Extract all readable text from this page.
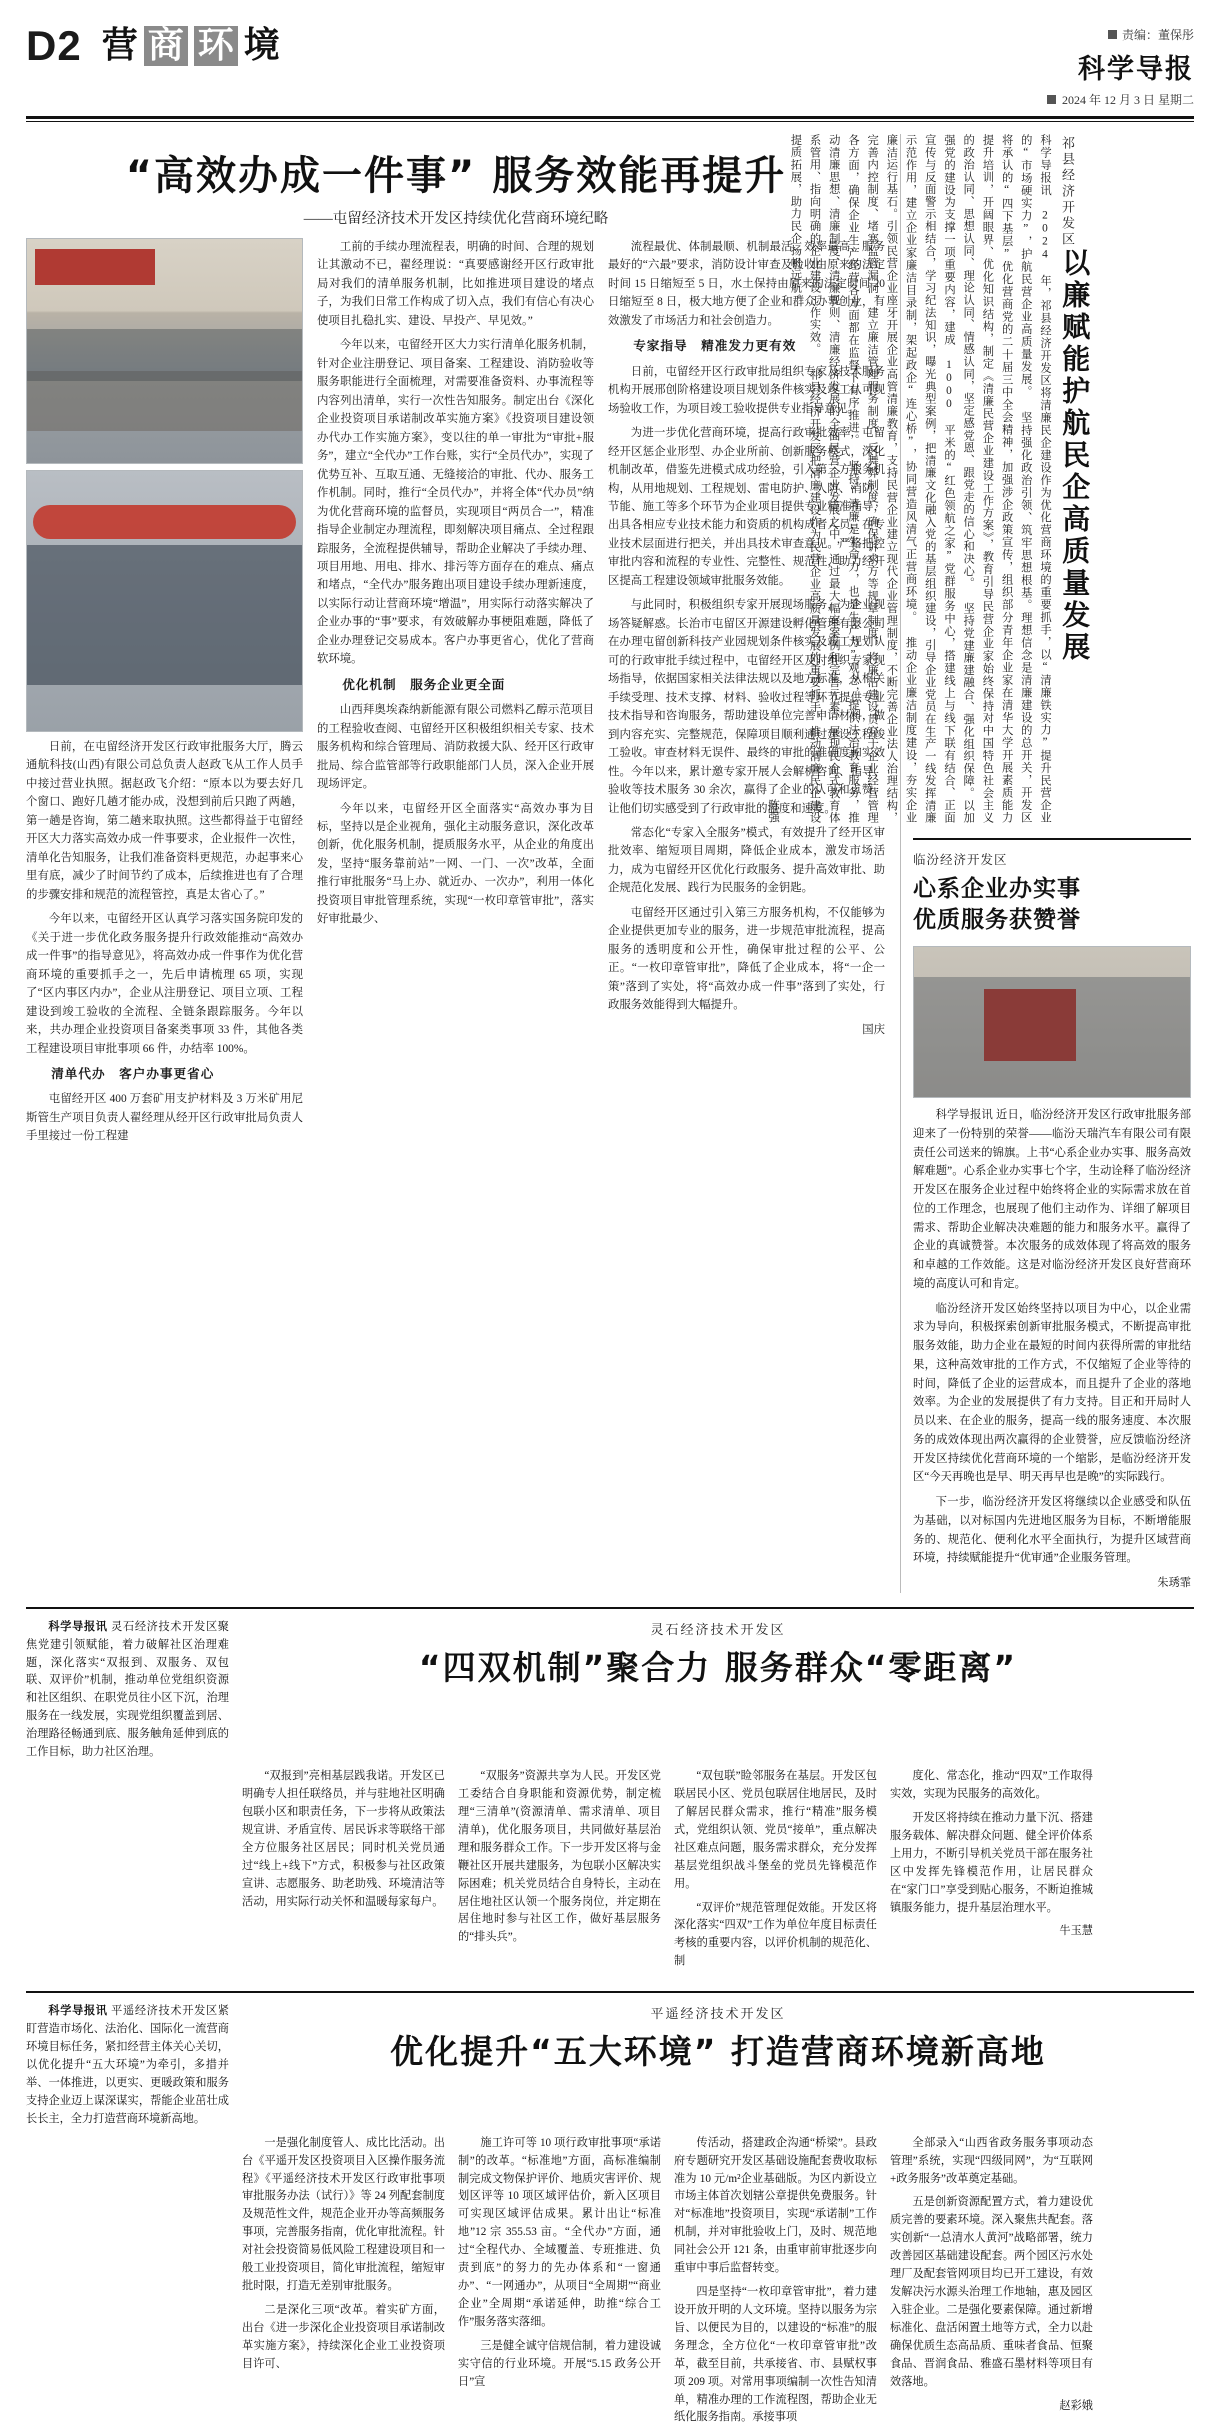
D2 营 商 环 境	责编：董保彤
科学导报
2024 年 12 月 3 日 星期二
“高效办成一件事” 服务效能再提升
——屯留经济技术开发区持续优化营商环境纪略

日前，在屯留经济开发区行政审批服务大厅，腾云通航科技(山西)有限公司总负责人赵政飞从工作人员手中接过营业执照。据赵政飞介绍：“原本以为要去好几个窗口、跑好几趟才能办成，没想到前后只跑了两趟，第一趟是咨询，第二趟来取执照。这些都得益于屯留经开区大力落实高效办成一件事要求，企业报件一次性，清单化告知服务，让我们准备资料更规范，办起事来心里有底，减少了时间节约了成本，后续推进也有了合理的步骤安排和规范的流程管控，真是太省心了。”

今年以来，屯留经开区认真学习落实国务院印发的《关于进一步优化政务服务提升行政效能推动“高效办成一件事”的指导意见》，将高效办成一件事作为优化营商环境的重要抓手之一，先后申请梳理 65 项，实现了“区内事区内办”，企业从注册登记、项目立项、工程建设到竣工验收的全流程、全链条跟踪服务。今年以来，共办理企业投资项目备案类事项 33 件，其他各类工程建设项目审批事项 66 件，办结率 100%。

清单代办　客户办事更省心

屯留经开区 400 万套矿用支护材料及 3 万米矿用尼斯管生产项目负责人翟经理从经开区行政审批局负责人手里接过一份工程建

工前的手续办理流程表，明确的时间、合理的规划让其激动不已，翟经理说：“真要感谢经开区行政审批局对我们的清单服务机制，比如推进项目建设的堵点子，为我们日常工作构成了切入点，我们有信心有决心使项目扎稳扎实、建设、早投产、早见效。”

今年以来，屯留经开区大力实行清单化服务机制，针对企业注册登记、项目备案、工程建设、消防验收等服务职能进行全面梳理，对需要准备资料、办事流程等内容列出清单，实行一次性告知服务。制定出台《深化企业投资项目承诺制改革实施方案》《投资项目建设领办代办工作实施方案》，变以往的单一审批为“审批+服务”，建立“全代办”工作台账，实行“全员代办”，实现了优势互补、互取互通、无缝接洽的审批、代办、服务工作机制。同时，推行“全员代办”，并将全体“代办员”ּ纳为优化营商环境的监督员，实现项目“两员合一”，精准指导企业制定办理流程，即刻解决项目痛点、全过程跟踪服务，全流程提供辅导，帮助企业解决了手续办理、项目用地、用电、排水、排污等方面存在的难点、痛点和堵点，“全代办”服务跑出项目建设手续办理新速度，以实际行动让营商环境“增温”，用实际行动落实解决了企业办事的“事”要求，有效破解办事梗阻难题，降低了企业办理登记交易成本。客户办事更省心，优化了营商软环境。

优化机制　服务企业更全面

山西拜奥埃森纳新能源有限公司燃料乙醇示范项目的工程验收查阅、屯留经开区积极组织相关专家、技术服务机构和综合管理局、消防救援大队、经开区行政审批局、综合监管部等行政职能部门人员，深入企业开展现场评定。

今年以来，屯留经开区全面落实“高效办事为目标，坚持以是企业视角，强化主动服务意识，深化改革创新，优化服务机制，提质服务水平，从企业的角度出发，坚持“服务靠前站”一网、一门、一次”改革，全面推行审批服务“马上办、就近办、一次办”，利用一体化投资项目审批管理系统，实现“一枚印章管审批”，落实好审批最少、

流程最优、体制最顺、机制最活、效率最高、服务最好的“六最”要求，消防设计审查及验收由原来的法定时间 15 日缩短至 5 日，水土保持由原来的法定时间 20 日缩短至 8 日，极大地方便了企业和群众办事创业，有效激发了市场活力和社会创造力。

专家指导　精准发力更有效

日前，屯留经开区行政审批局组织专家及技术服务机构开展邢创阶格建设项目规划条件核实及竣工认可现场验收工作，为项目竣工验收提供专业指导意见。

为进一步优化营商环境，提高行政审批效率，屯留经开区惩企业形型、办企业所前、创新服务模式，深化机制改革，借鉴先进模式成功经验，引入第三方服务机构，从用地规划、工程规划、雷电防护、人防、消防、节能、施工等多个环节为企业项目提供专业精准指导，出具各相应专业技术能力和资质的机构成者人员，在专业技术层面进行把关，并出具技术审查意见。严格把控审批内容和流程的专业性、完整性、规范性，助力经开区提高工程建设领域审批服务效能。

与此同时，积极组织专家开展现场服务，为企业现场答疑解惑。长治市屯留区开源建设孵化管理有限公司在办理屯留创新科技产业园规划条件核实及竣工规划认可的行政审批手续过程中，屯留经开区及时组织专家现场指导，依据国家相关法律法规以及地方标准，从相关手续受理、技术支撑、材料、验收过程等环节提供专业技术指导和咨询服务，帮助建设单位完善申请材料，做到内容充实、完整规范，保障项目顺利通过建设工程竣工验收。审查材料无误件、最终的审批的准确度和实效性。今年以来，累计邀专家开展人会解析咨询、指导、验收等技术服务 30 余次，赢得了企业的认可和点赞，让他们切实感受到了行政审批的温度和速度。

常态化“专家入全服务”模式，有效提升了经开区审批效率、缩短项目周期，降低企业成本，激发市场活力，成为屯留经开区优化行政服务、提升高效审批、助企规范化发展、践行为民服务的金钥匙。

屯留经开区通过引入第三方服务机构，不仅能够为企业提供更加专业的服务，进一步规范审批流程，提高服务的透明度和公开性，确保审批过程的公平、公正。“一枚印章管审批”，降低了企业成本，将“一企一策”落到了实处，将“高效办成一件事”落到了实处，行政服务效能得到大幅提升。

国庆
祁县经济开发区
以廉赋能护航民企高质量发展
科学导报讯 2024 年，祁县经济开发区将清廉民企建设作为优化营商环境的重要抓手，以“清廉铁实力”提升民营企业的“市场硬实力”，护航民营企业高质量发展。 坚持强化政治引领、筑牢思想根基。理想信念是清廉建设的总开关，开发区将承认的“四下基层”优化营商党的二十届三中全会精神，加强涉企政策宣传，组织部分青年企业家在清华大学开展素质能力提升培训，开阔眼界、优化知识结构，制定《清廉民营企业建设工作方案》，教育引导民营企业家始终保持对中国特色社会主义的政治认同、思想认同、理论认同、情感认同，坚定感党恩、跟党走的信心和决心。 坚持党建廉建融合、强化组织保障。以加强党的建设为支撑一项重要内容，建成 1000 平米的“红色领航之家”党群服务中心，搭建线上与线下联有结合、正面宣传与反面警示相结合，学习纪法知识，曝光典型案例，把清廉文化融入党的基层组织建设，引导企业党员在生产一线发挥清廉示范作用，建立企业家廉洁目录制，架起政企“连心桥”，协同营造风清气正营商环境。 推动企业廉洁制度建设，夯实企业廉洁运行基石。引领民营企业座牙开展企业高管清廉教育，支持民营企业建立现代企业管理制度，不断完善企业法人治理结构，完善内控制度、堵塞监管漏洞，建立廉洁管理服务制度、反舞弊制度，确保诉求方等规章制度，将廉洁建设贯穿于企业经营管理各方面，确保企业生产经营各方面都在监督下有序推进。 坚持“清廉是生命力，也是生产力”观念，提供法治教育服务，推动清廉思想、清廉制度、清廉规则、清廉经济发展的全面民营企业发展之中，通过最大幅案案例和完善元素，展现民企式教育体系管用、指向明确的企业建设工作实效。 祁县经济开发区把清廉建设作为民营企业高质量发展的重要抓手，推动清廉民企建设提质拓展，助力民企扬帆远航。
陈强
临汾经济开发区
心系企业办实事
优质服务获赞誉

科学导报讯 近日，临汾经济开发区行政审批服务部迎来了一份特别的荣誉——临汾天瑞汽车有限公司有限责任公司送来的锦旗。上书“心系企业办实事、服务高效解难题”。心系企业办实事七个字，生动诠释了临汾经济开发区在服务企业过程中始终将企业的实际需求放在首位的工作理念，也展现了他们主动作为、详细了解项目需求、帮助企业解决决难题的能力和服务水平。赢得了企业的真诚赞誉。本次服务的成效体现了将高效的服务和卓越的工作效能。这是对临汾经济开发区良好营商环境的高度认可和肯定。

临汾经济开发区始终坚持以项目为中心，以企业需求为导向，积极探索创新审批服务模式，不断提高审批服务效能，助力企业在最短的时间内获得所需的审批结果，这种高效审批的工作方式，不仅缩短了企业等待的时间，降低了企业的运营成本，而且提升了企业的落地效率。为企业的发展提供了有力支持。目正和开局时人员以来、在企业的服务，提高一线的服务速度、本次服务的成效体现出两次赢得的企业赞誉，应反馈临汾经济开发区持续优化营商环境的一个缩影，是临汾经济开发区“今天再晚也是早、明天再早也是晚”的实际践行。

下一步，临汾经济开发区将继续以企业感受和队伍为基础，以对标国内先进地区服务为目标，不断增能服务的、规范化、便利化水平全面执行，为提升区域营商环境，持续赋能提升“优审通”企业服务管理。

朱琇霏

科学导报讯 灵石经济技术开发区聚焦党建引领赋能，着力破解社区治理难题，深化落实“双报到、双服务、双包联、双评价”机制，推动单位党组织资源和社区组织、在职党员往小区下沉，治理服务在一线发展，实现党组织覆盖到居、治理路径畅通到底、服务触角延伸到底的工作目标，助力社区治理。

灵石经济技术开发区
“四双机制”聚合力 服务群众“零距离”

“双报到”亮相基层践我诺。开发区已明确专人担任联络员，并与驻地社区明确包联小区和职责任务，下一步将从政策法规宣讲、矛盾宣传、居民诉求等联络干部全方位服务社区居民；同时机关党员通过“线上+线下”方式，积极参与社区政策宣讲、志愿服务、助老助残、环境清洁等活动，用实际行动关怀和温暖每家每户。

“双服务”资源共享为人民。开发区党工委结合自身职能和资源优势，制定梳理“三清单”(资源清单、需求清单、项目清单)，优化服务项目，共同做好基层治理和服务群众工作。下一步开发区将与金鞭社区开展共建服务，为包联小区解决实际困难；机关党员结合自身特长，主动在居住地社区认领一个服务岗位，并定期在居住地时参与社区工作，做好基层服务的“排头兵”。

“双包联”睑邻服务在基层。开发区包联居民小区、党员包联居住地居民，及时了解居民群众需求，推行“精准”服务模式，党组织认领、党员“接单”，重点解决社区难点问题，服务需求群众，充分发挥基层党组织战斗堡垒的党员先锋模范作用。

“双评价”规范管理促效能。开发区将深化落实“四双”工作为单位年度目标责任考核的重要内容，以评价机制的规范化、制

度化、常态化，推动“四双”工作取得实效，实现为民服务的高效化。

开发区将持续在推动力量下沉、搭建服务载体、解决群众问题、健全评价体系上用力，不断引导机关党员干部在服务社区中发挥先锋模范作用，让居民群众在“家门口”享受到贴心服务，不断迫推城镇服务能力，提升基层治理水平。

牛玉慧

科学导报讯 平遥经济技术开发区紧盯营造市场化、法治化、国际化一流营商环境目标任务，紧扣经营主体关心关切，以优化提升“五大环境”为牵引，多措并举、一体推进，以更实、更暖政策和服务支持企业迈上谋深谋实，帮能企业茁壮成长长主，全力打造营商环境新高地。

平遥经济技术开发区
优化提升“五大环境” 打造营商环境新高地

一是强化制度管人、成比比活动。出台《平遥开发区投资项目入区操作服务流程》《平遥经济技术开发区行政审批事项审批服务办法（试行）》等 24 列配套制度及规范性文件，规范企业开办等高频服务事项，完善服务指南，优化审批流程。针对社会投资简易低风险工程建设项目和一般工业投资项目，简化审批流程，缩短审批时限，打造无差别审批服务。

二是深化三项“改革。着实矿方面，出台《进一步深化企业投资项目承诺制改革实施方案》，持续深化企业工业投资项目许可、

施工许可等 10 项行政审批事项“承诺制”的改革。“标准地”方面，高标准编制制完成文物保护评价、地质灾害评价、规划区评等 10 项区域评估价，新入区项目可实现区域评估成果。累计出让“标准地”12 宗 355.53 亩。“全代办”方面，通过“全程代办、全域覆盖、专班推进、负责到底”的努力的先办体系和“一窗通办”、“一网通办”，从项目“全周期”“商业企业”全周期“承诺延伸，助推“综合工作”服务落实落细。

三是健全诚守信规信制，着力建设诚实守信的行业环境。开展“5.15 政务公开日”宣

传活动，搭建政企沟通“桥梁”。县政府专题研究开发区基础设施配套费收取标准为 10 元/m²企业基础版。为区内新设立市场主体首次划辖公章提供免费服务。针对“标准地”投资项目，实现“承诺制”工作机制，并对审批验收上门，及时、规范地同社会公开 121 条，由重审前审批逐步向重审中事后监督转变。

四是坚持“一枚印章管审批”，着力建设开放开明的人文环境。坚持以服务为宗旨、以便民为目的，以建设的“标准”的服务理念，全方位化“一枚印章管审批”改革，截至目前，共承接省、市、县赋权事项 209 项。对常用事项编制一次性告知清单，精准办理的工作流程图，帮助企业无纸化服务指南。承接事项

全部录入“山西省政务服务事项动态管理”系统，实现“四级同网”，为“互联网+政务服务”改革奠定基础。

五是创新资源配置方式，着力建设优质完善的要素环境。深入聚焦共配套。落实创新“一总清水人黄河”战略部署，统力改善园区基础建设配套。两个园区污水处理厂及配套管网项目均已开工建设，有效发解决污水源头治理工作地轴，惠及园区入驻企业。二是强化要素保障。通过新增标准化、盘活闲置土地等方式，全力以赴确保优质生态高品质、重味者食品、恒聚食品、晋润食品、雅盛石墨材料等项目有效落地。

赵彩娥
